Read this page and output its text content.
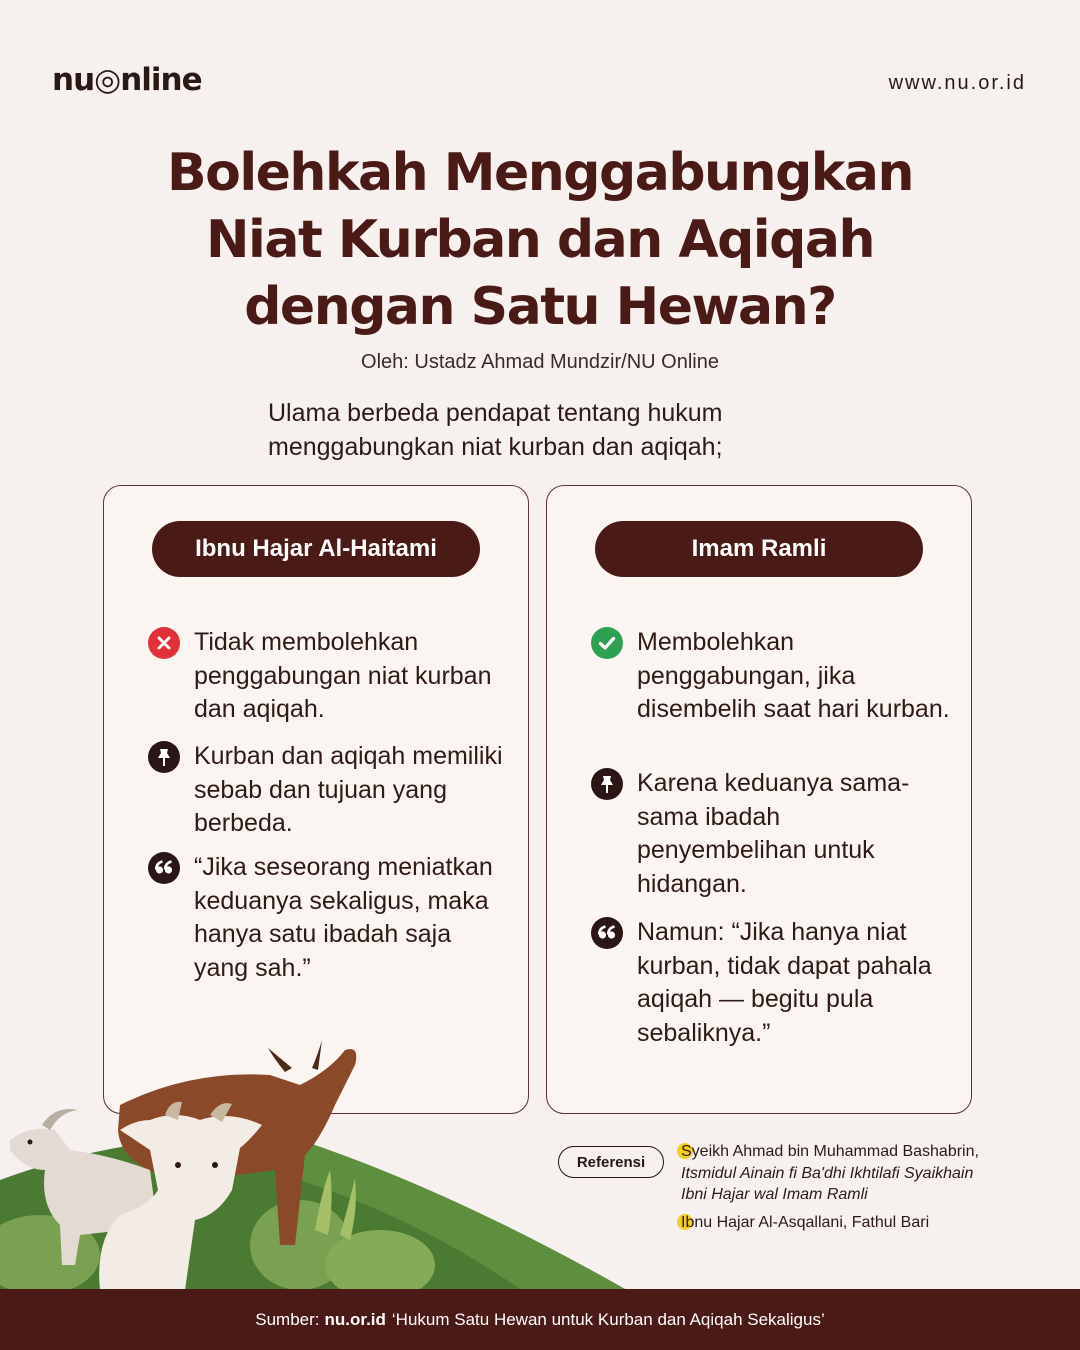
nu◎nline	www.nu.or.id
Bolehkah Menggabungkan
Niat Kurban dan Aqiqah
dengan Satu Hewan?
Oleh: Ustadz Ahmad Mundzir/NU Online
Ulama berbeda pendapat tentang hukum
menggabungkan niat kurban dan aqiqah;
Ibnu Hajar Al-Haitami
Tidak membolehkan penggabungan niat kurban dan aqiqah.
Kurban dan aqiqah memiliki sebab dan tujuan yang berbeda.
“Jika seseorang meniatkan keduanya sekaligus, maka hanya satu ibadah saja yang sah.”
Imam Ramli
Membolehkan penggabungan, jika disembelih saat hari kurban.
Karena keduanya sama-sama ibadah penyembelihan untuk hidangan.
Namun: “Jika hanya niat kurban, tidak dapat pahala aqiqah — begitu pula sebaliknya.”
Referensi
Syeikh Ahmad bin Muhammad Bashabrin, Itsmidul Ainain fi Ba'dhi Ikhtilafi Syaikhain Ibni Hajar wal Imam Ramli
Ibnu Hajar Al-Asqallani, Fathul Bari
Sumber: nu.or.id ‘Hukum Satu Hewan untuk Kurban dan Aqiqah Sekaligus’
